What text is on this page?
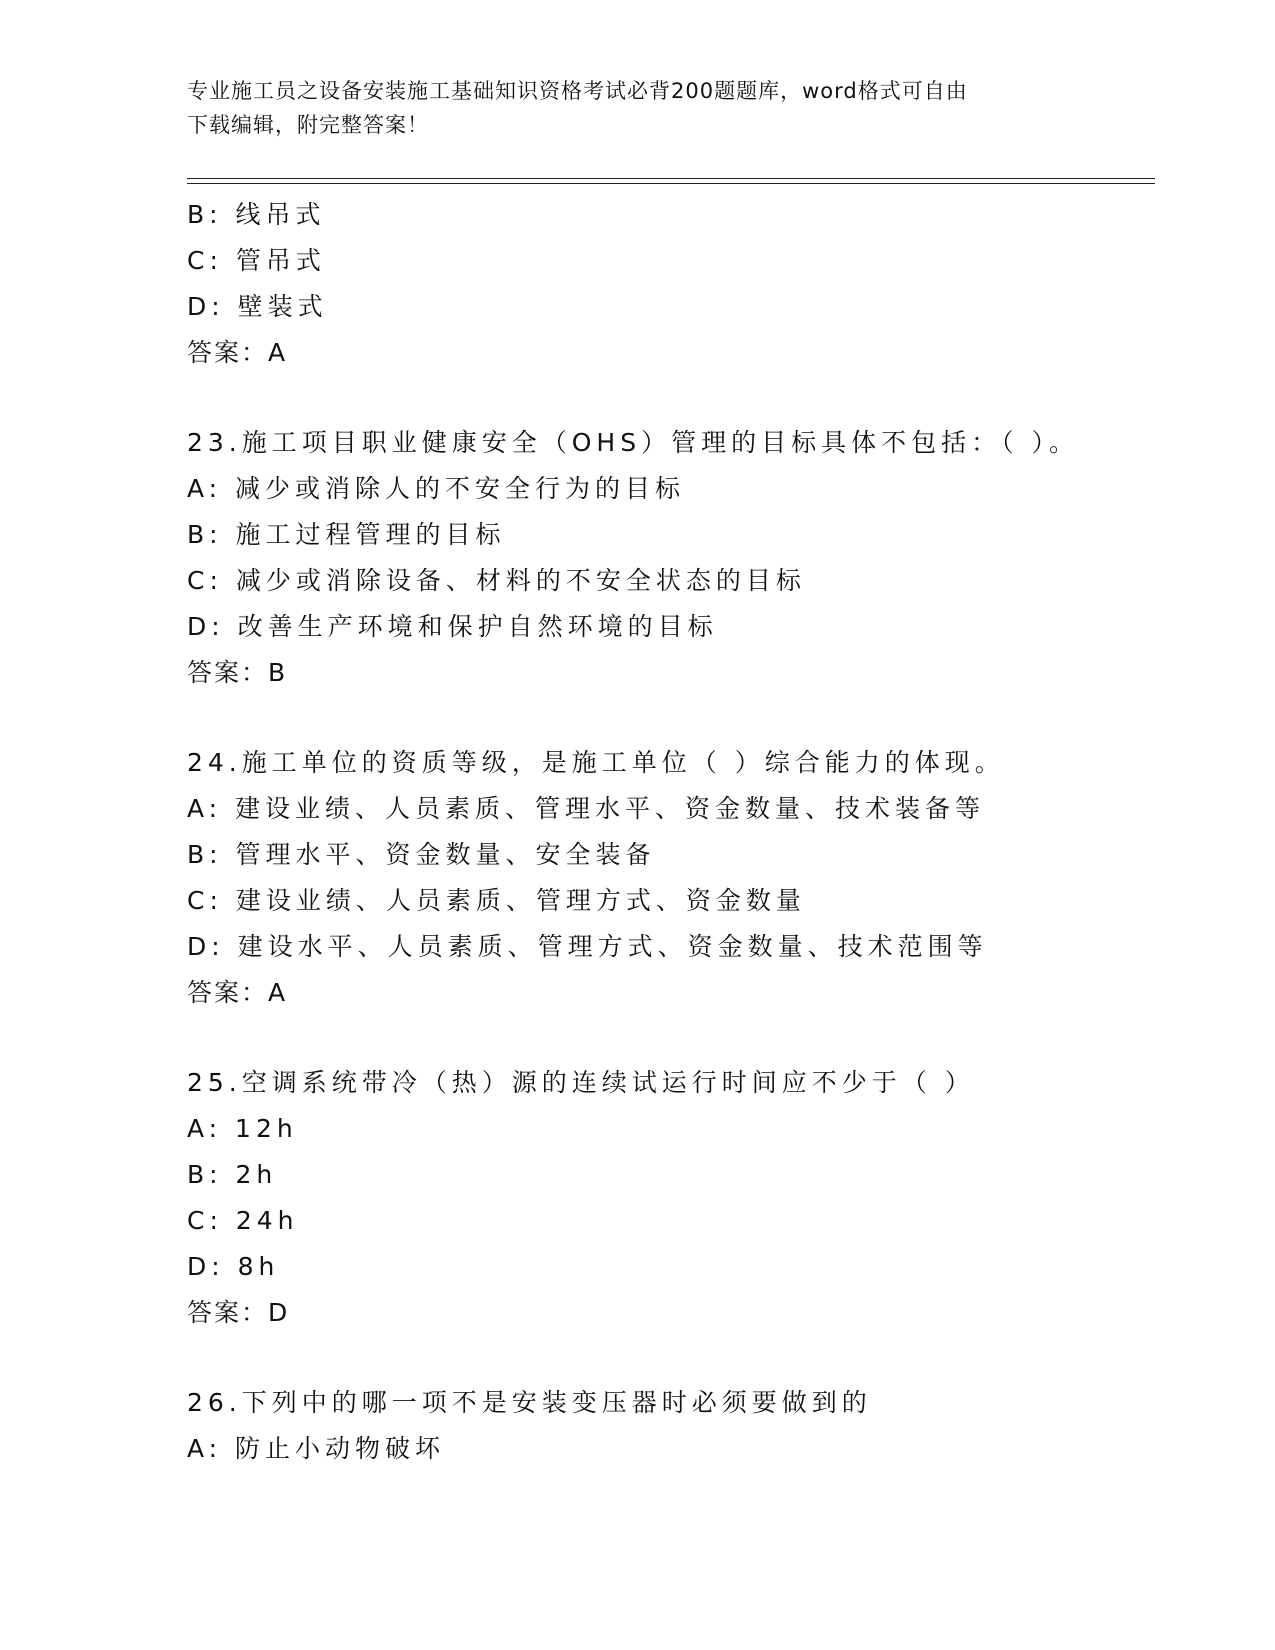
专业施工员之设备安装施工基础知识资格考试必背200题题库，word格式可自由
下载编辑，附完整答案！
B: 线吊式
C: 管吊式
D: 壁装式
答案：A
23.施工项目职业健康安全（OHS）管理的目标具体不包括：（ ）。
A: 减少或消除人的不安全行为的目标
B: 施工过程管理的目标
C: 减少或消除设备、材料的不安全状态的目标
D: 改善生产环境和保护自然环境的目标
答案：B
24.施工单位的资质等级，是施工单位（ ）综合能力的体现。
A: 建设业绩、人员素质、管理水平、资金数量、技术装备等
B: 管理水平、资金数量、安全装备
C: 建设业绩、人员素质、管理方式、资金数量
D: 建设水平、人员素质、管理方式、资金数量、技术范围等
答案：A
25.空调系统带冷（热）源的连续试运行时间应不少于（ ）
A: 12h
B: 2h
C: 24h
D: 8h
答案：D
26.下列中的哪一项不是安装变压器时必须要做到的
A: 防止小动物破坏
